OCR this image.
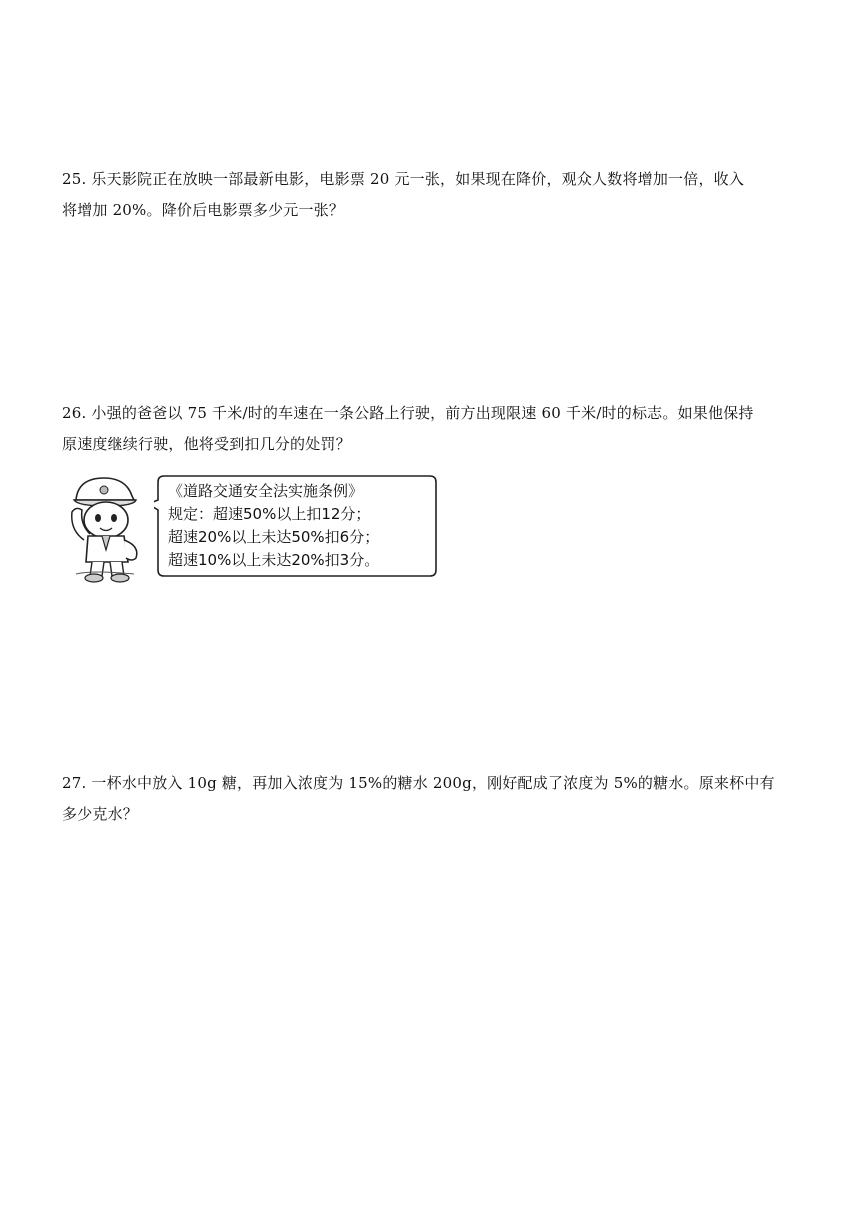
25. 乐天影院正在放映一部最新电影，电影票 20 元一张，如果现在降价，观众人数将增加一倍，收入
将增加 20%。降价后电影票多少元一张？
26. 小强的爸爸以 75 千米/时的车速在一条公路上行驶，前方出现限速 60 千米/时的标志。如果他保持
原速度继续行驶，他将受到扣几分的处罚？
《道路交通安全法实施条例》
规定：超速50%以上扣12分；
超速20%以上未达50%扣6分；
超速10%以上未达20%扣3分。
27. 一杯水中放入 10g 糖，再加入浓度为 15%的糖水 200g，刚好配成了浓度为 5%的糖水。原来杯中有
多少克水？
